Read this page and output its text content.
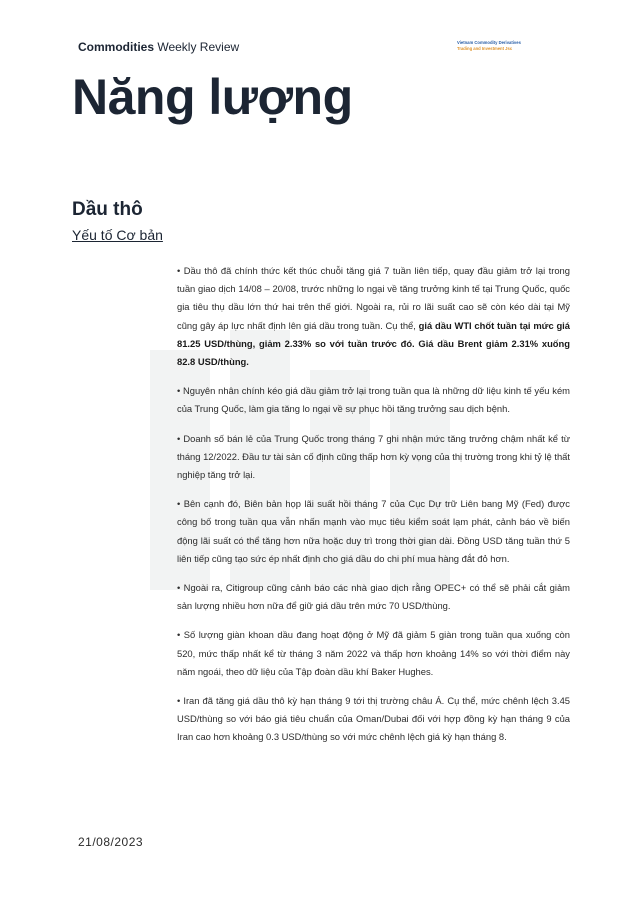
Commodities Weekly Review	Vietnam Commodity Derivatives
Trading and Investment Jsc
Năng lượng
Dầu thô
Yếu tố Cơ bản

• Dầu thô đã chính thức kết thúc chuỗi tăng giá 7 tuần liên tiếp, quay đầu giảm trở lại trong tuần giao dịch 14/08 – 20/08, trước những lo ngại về tăng trưởng kinh tế tại Trung Quốc, quốc gia tiêu thụ dầu lớn thứ hai trên thế giới. Ngoài ra, rủi ro lãi suất cao sẽ còn kéo dài tại Mỹ cũng gây áp lực nhất định lên giá dầu trong tuần. Cụ thể, giá dầu WTI chốt tuần tại mức giá 81.25 USD/thùng, giảm 2.33% so với tuần trước đó. Giá dầu Brent giảm 2.31% xuống 82.8 USD/thùng.

• Nguyên nhân chính kéo giá dầu giảm trở lại trong tuần qua là những dữ liệu kinh tế yếu kém của Trung Quốc, làm gia tăng lo ngại về sự phục hồi tăng trưởng sau dịch bệnh.

• Doanh số bán lẻ của Trung Quốc trong tháng 7 ghi nhận mức tăng trưởng chậm nhất kể từ tháng 12/2022. Đầu tư tài sản cố định cũng thấp hơn kỳ vọng của thị trường trong khi tỷ lệ thất nghiệp tăng trở lại.

• Bên cạnh đó, Biên bản họp lãi suất hồi tháng 7 của Cục Dự trữ Liên bang Mỹ (Fed) được công bố trong tuần qua vẫn nhấn mạnh vào mục tiêu kiểm soát lạm phát, cảnh báo về biến động lãi suất có thể tăng hơn nữa hoặc duy trì trong thời gian dài. Đồng USD tăng tuần thứ 5 liên tiếp cũng tạo sức ép nhất định cho giá dầu do chi phí mua hàng đắt đỏ hơn.

• Ngoài ra, Citigroup cũng cảnh báo các nhà giao dịch rằng OPEC+ có thể sẽ phải cắt giảm sản lượng nhiều hơn nữa để giữ giá dầu trên mức 70 USD/thùng.

• Số lượng giàn khoan dầu đang hoạt động ở Mỹ đã giảm 5 giàn trong tuần qua xuống còn 520, mức thấp nhất kể từ tháng 3 năm 2022 và thấp hơn khoảng 14% so với thời điểm này năm ngoái, theo dữ liệu của Tập đoàn dầu khí Baker Hughes.

• Iran đã tăng giá dầu thô kỳ hạn tháng 9 tới thị trường châu Á. Cụ thể, mức chênh lệch 3.45 USD/thùng so với báo giá tiêu chuẩn của Oman/Dubai đối với hợp đồng kỳ hạn tháng 9 của Iran cao hơn khoảng 0.3 USD/thùng so với mức chênh lệch giá kỳ hạn tháng 8.

21/08/2023
